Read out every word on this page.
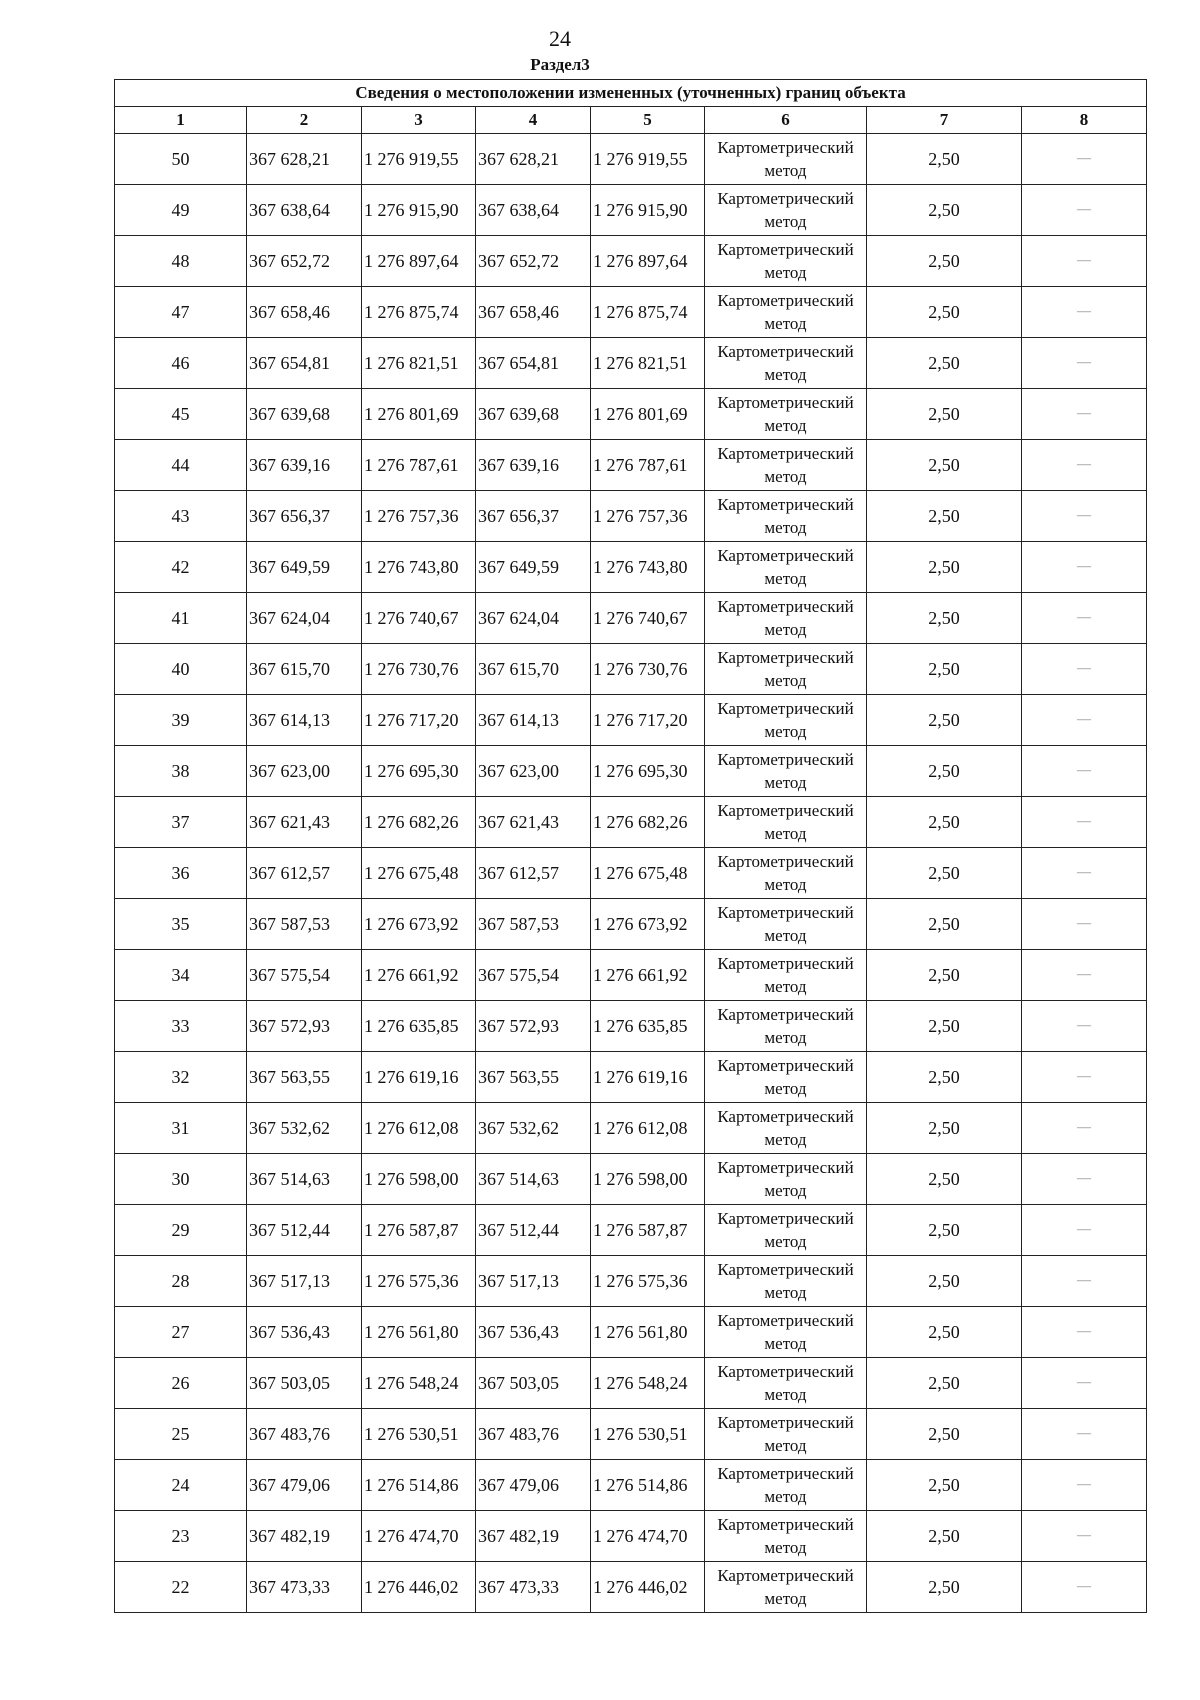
24
Раздел3
Сведения о местоположении измененных (уточненных) границ объекта							
1	2	3	4	5	6	7	8
50	367 628,21	1 276 919,55	367 628,21	1 276 919,55	Картометрический метод	2,50	—
49	367 638,64	1 276 915,90	367 638,64	1 276 915,90	Картометрический метод	2,50	—
48	367 652,72	1 276 897,64	367 652,72	1 276 897,64	Картометрический метод	2,50	—
47	367 658,46	1 276 875,74	367 658,46	1 276 875,74	Картометрический метод	2,50	—
46	367 654,81	1 276 821,51	367 654,81	1 276 821,51	Картометрический метод	2,50	—
45	367 639,68	1 276 801,69	367 639,68	1 276 801,69	Картометрический метод	2,50	—
44	367 639,16	1 276 787,61	367 639,16	1 276 787,61	Картометрический метод	2,50	—
43	367 656,37	1 276 757,36	367 656,37	1 276 757,36	Картометрический метод	2,50	—
42	367 649,59	1 276 743,80	367 649,59	1 276 743,80	Картометрический метод	2,50	—
41	367 624,04	1 276 740,67	367 624,04	1 276 740,67	Картометрический метод	2,50	—
40	367 615,70	1 276 730,76	367 615,70	1 276 730,76	Картометрический метод	2,50	—
39	367 614,13	1 276 717,20	367 614,13	1 276 717,20	Картометрический метод	2,50	—
38	367 623,00	1 276 695,30	367 623,00	1 276 695,30	Картометрический метод	2,50	—
37	367 621,43	1 276 682,26	367 621,43	1 276 682,26	Картометрический метод	2,50	—
36	367 612,57	1 276 675,48	367 612,57	1 276 675,48	Картометрический метод	2,50	—
35	367 587,53	1 276 673,92	367 587,53	1 276 673,92	Картометрический метод	2,50	—
34	367 575,54	1 276 661,92	367 575,54	1 276 661,92	Картометрический метод	2,50	—
33	367 572,93	1 276 635,85	367 572,93	1 276 635,85	Картометрический метод	2,50	—
32	367 563,55	1 276 619,16	367 563,55	1 276 619,16	Картометрический метод	2,50	—
31	367 532,62	1 276 612,08	367 532,62	1 276 612,08	Картометрический метод	2,50	—
30	367 514,63	1 276 598,00	367 514,63	1 276 598,00	Картометрический метод	2,50	—
29	367 512,44	1 276 587,87	367 512,44	1 276 587,87	Картометрический метод	2,50	—
28	367 517,13	1 276 575,36	367 517,13	1 276 575,36	Картометрический метод	2,50	—
27	367 536,43	1 276 561,80	367 536,43	1 276 561,80	Картометрический метод	2,50	—
26	367 503,05	1 276 548,24	367 503,05	1 276 548,24	Картометрический метод	2,50	—
25	367 483,76	1 276 530,51	367 483,76	1 276 530,51	Картометрический метод	2,50	—
24	367 479,06	1 276 514,86	367 479,06	1 276 514,86	Картометрический метод	2,50	—
23	367 482,19	1 276 474,70	367 482,19	1 276 474,70	Картометрический метод	2,50	—
22	367 473,33	1 276 446,02	367 473,33	1 276 446,02	Картометрический метод	2,50	—
